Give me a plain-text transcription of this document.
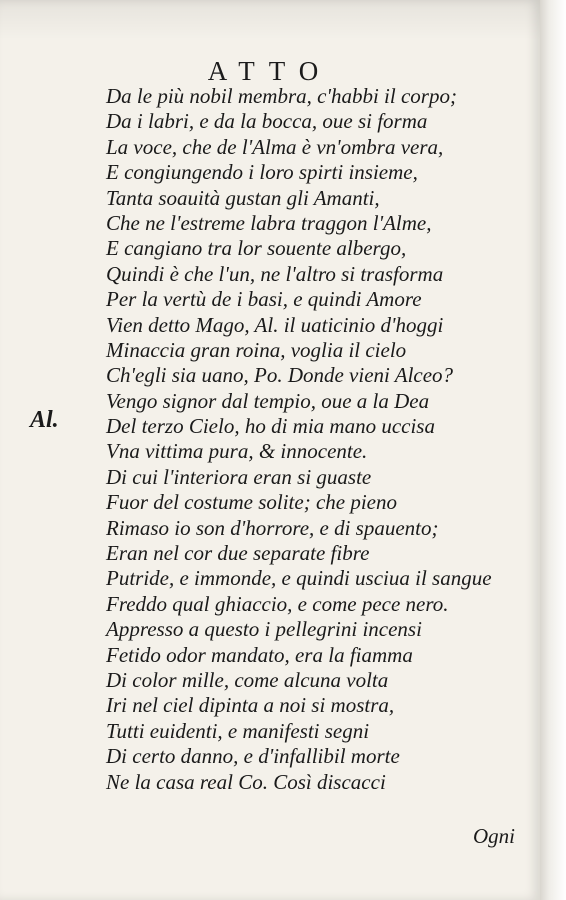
ATTO
Al.
Da le più nobil membra, c'habbi il corpo;
Da i labri, e da la bocca, oue si forma
La voce, che de l'Alma è vn'ombra vera,
E congiungendo i loro spirti insieme,
Tanta soauità gustan gli Amanti,
Che ne l'estreme labra traggon l'Alme,
E cangiano tra lor souente albergo,
Quindi è che l'un, ne l'altro si trasforma
Per la vertù de i basi, e quindi Amore
Vien detto Mago, Al. il uaticinio d'hoggi
Minaccia gran roina, voglia il cielo
Ch'egli sia uano, Po. Donde vieni Alceo?
Vengo signor dal tempio, oue a la Dea
Del terzo Cielo, ho di mia mano uccisa
Vna vittima pura, & innocente.
Di cui l'interiora eran si guaste
Fuor del costume solite; che pieno
Rimaso io son d'horrore, e di spauento;
Eran nel cor due separate fibre
Putride, e immonde, e quindi usciua il sangue
Freddo qual ghiaccio, e come pece nero.
Appresso a questo i pellegrini incensi
Fetido odor mandato, era la fiamma
Di color mille, come alcuna volta
Iri nel ciel dipinta a noi si mostra,
Tutti euidenti, e manifesti segni
Di certo danno, e d'infallibil morte
Ne la casa real Co. Così discacci
Ogni
